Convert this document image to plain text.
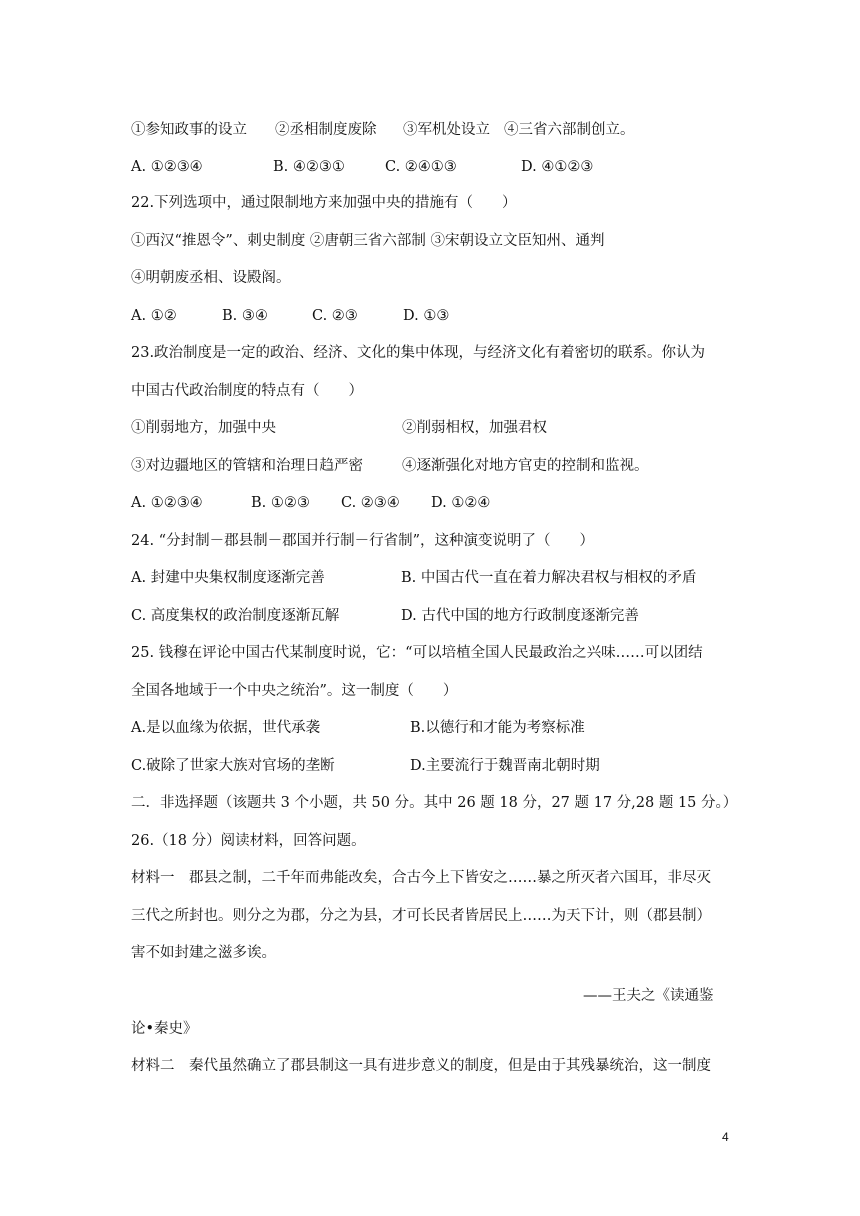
①参知政事的设立 ②丞相制度废除 ③军机处设立 ④三省六部制创立。
A. ①②③④	B. ④②③①	C. ②④①③	D. ④①②③
22.下列选项中，通过限制地方来加强中央的措施有（　　）
①西汉“推恩令”、刺史制度 ②唐朝三省六部制 ③宋朝设立文臣知州、通判
④明朝废丞相、设殿阁。
A. ①②	B. ③④	C. ②③	D. ①③
23.政治制度是一定的政治、经济、文化的集中体现，与经济文化有着密切的联系。你认为
中国古代政治制度的特点有（　　）
①削弱地方，加强中央	②削弱相权，加强君权
③对边疆地区的管辖和治理日趋严密	④逐渐强化对地方官吏的控制和监视。
A. ①②③④	B. ①②③ C. ②③④ D. ①②④
24. “分封制－郡县制－郡国并行制－行省制”，这种演变说明了（　　）
A. 封建中央集权制度逐渐完善	B. 中国古代一直在着力解决君权与相权的矛盾
C. 高度集权的政治制度逐渐瓦解	D. 古代中国的地方行政制度逐渐完善
25. 钱穆在评论中国古代某制度时说，它：“可以培植全国人民最政治之兴味……可以团结
全国各地域于一个中央之统治”。这一制度（　　）
A.是以血缘为依据，世代承袭	B.以德行和才能为考察标准
C.破除了世家大族对官场的垄断	D.主要流行于魏晋南北朝时期
二．非选择题（该题共 3 个小题，共 50 分。其中 26 题 18 分，27 题 17 分,28 题 15 分。）
26.（18 分）阅读材料，回答问题。
材料一　郡县之制，二千年而弗能改矣，合古今上下皆安之……暴之所灭者六国耳，非尽灭
三代之所封也。则分之为郡，分之为县，才可长民者皆居民上……为天下计，则（郡县制）
害不如封建之滋多诶。
——王夫之《读通鉴
论•秦史》
材料二　秦代虽然确立了郡县制这一具有进步意义的制度，但是由于其残暴统治，这一制度
4
